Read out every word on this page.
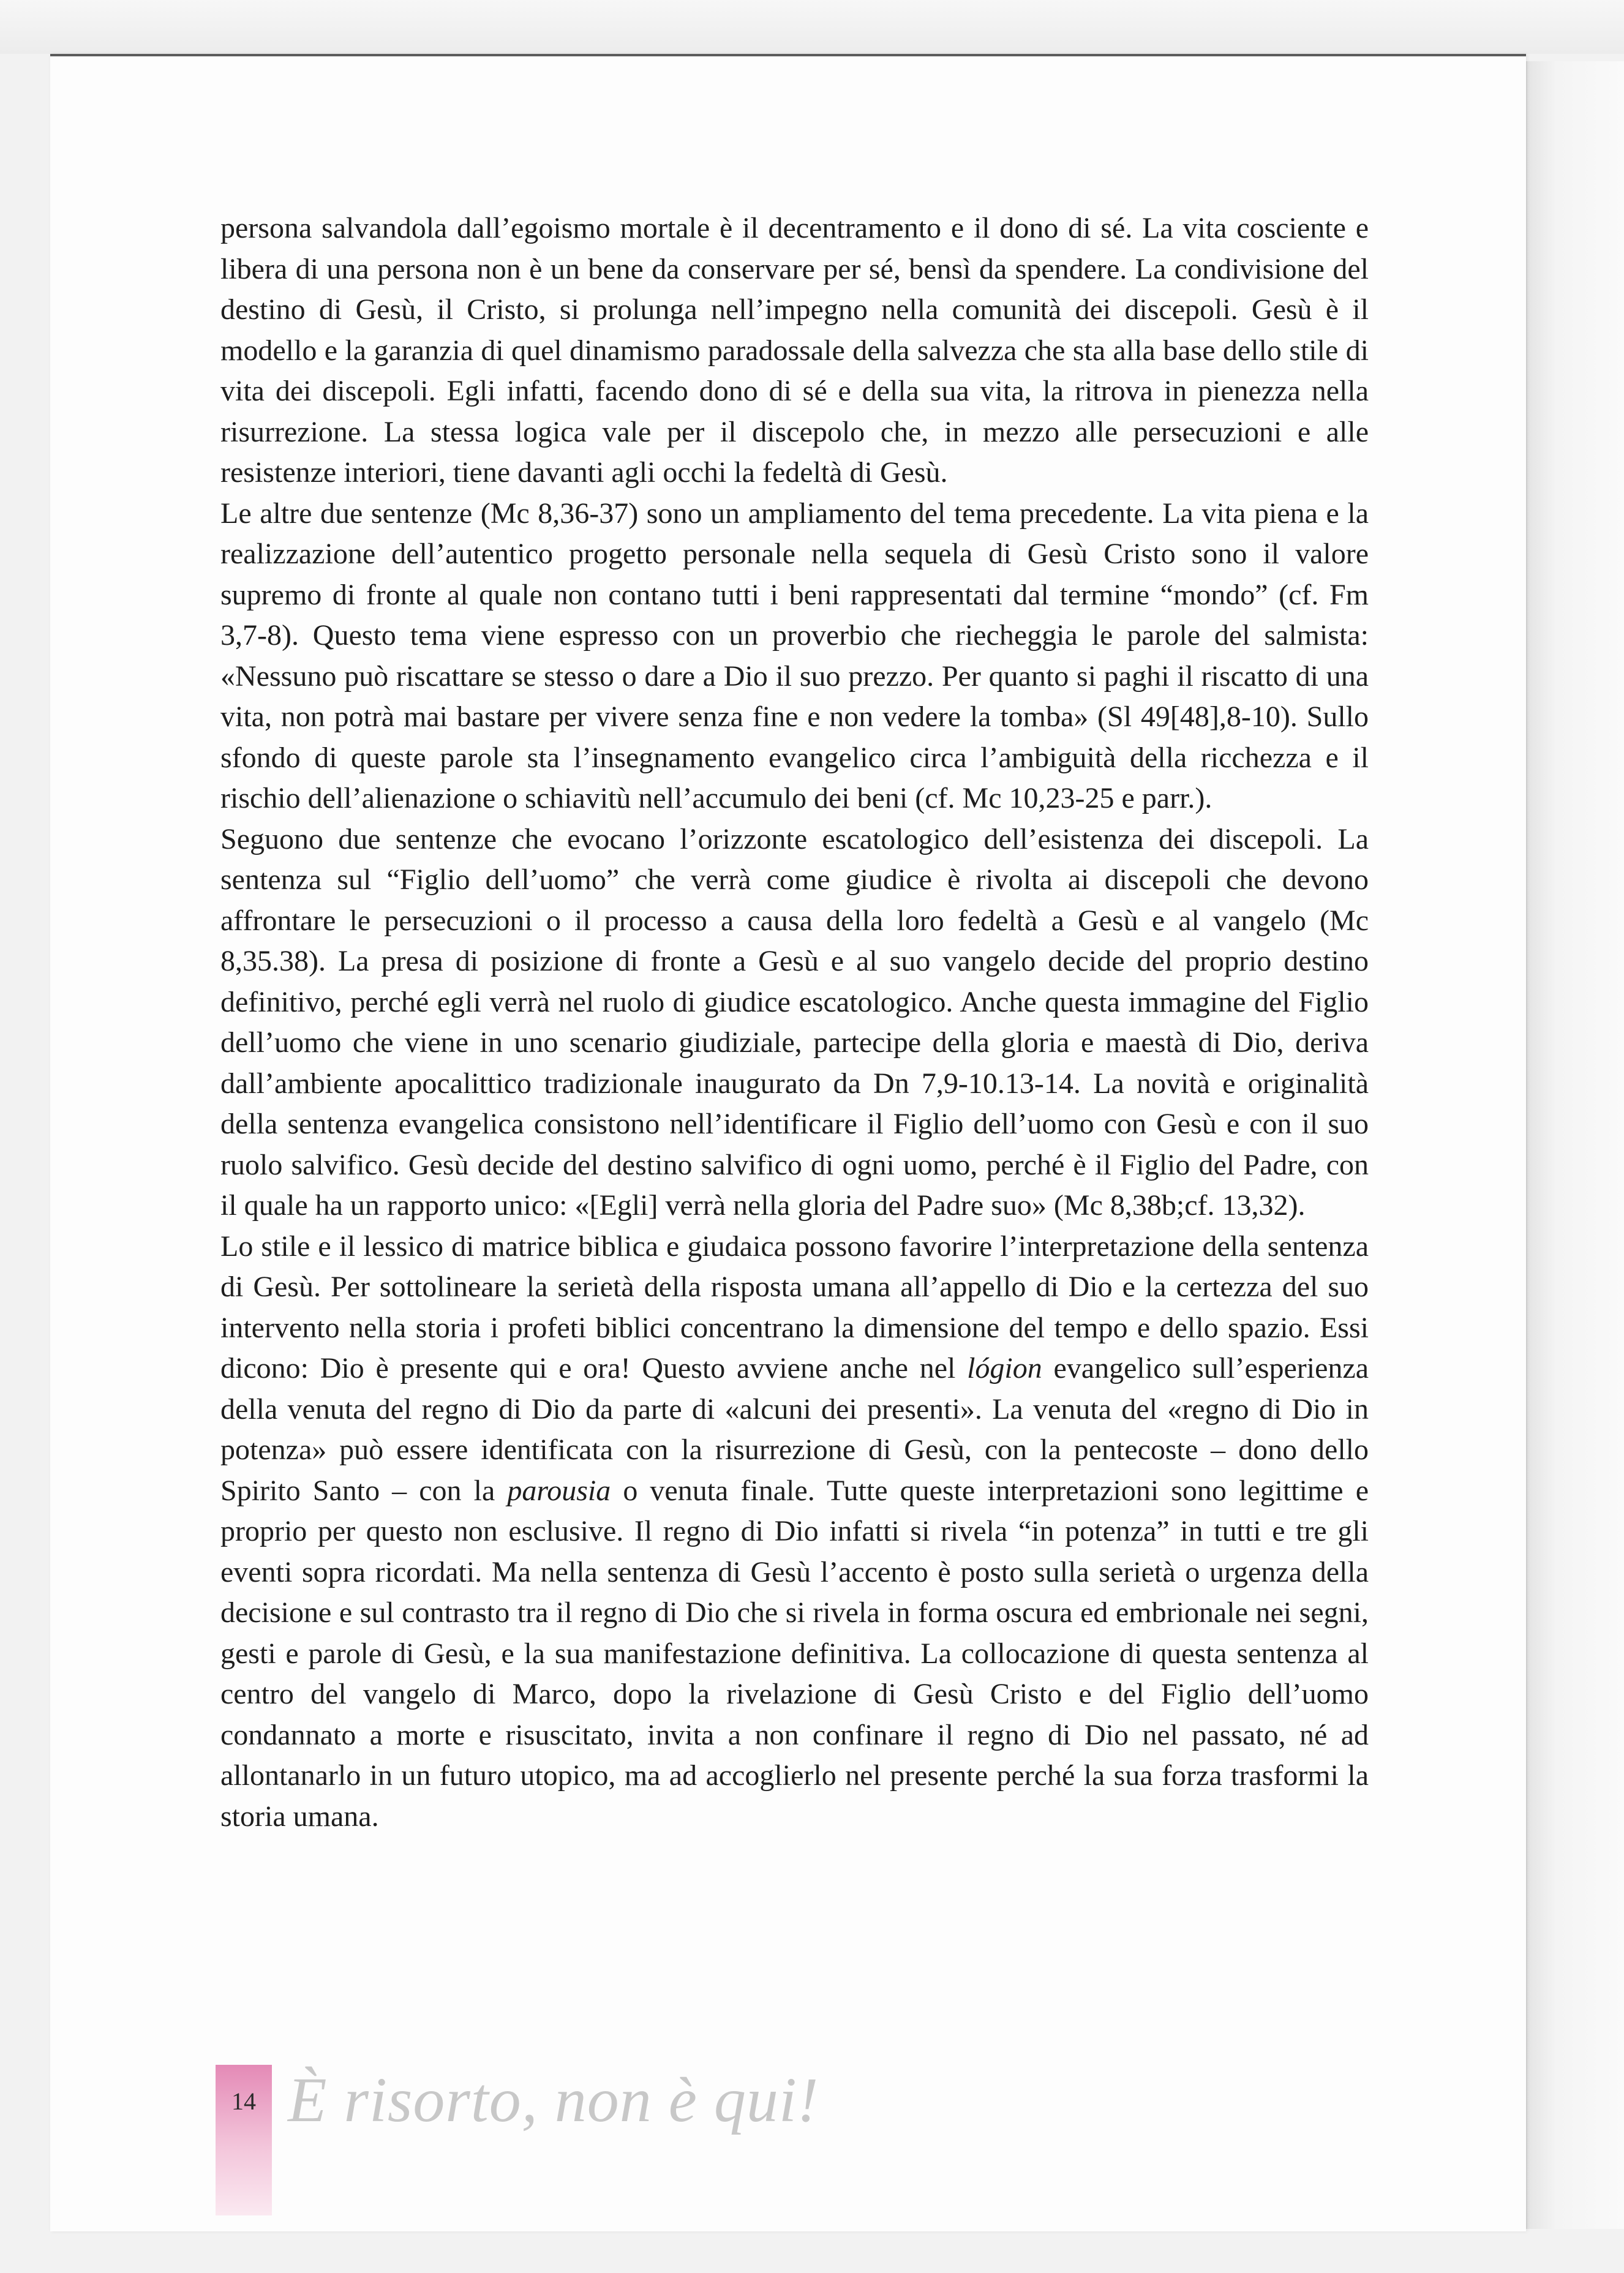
persona salvandola dall’egoismo mortale è il decentramento e il dono di sé. La vita cosciente e libera di una persona non è un bene da conservare per sé, bensì da spendere. La condivisione del destino di Gesù, il Cristo, si prolunga nell’impegno nella comunità dei discepoli. Gesù è il modello e la garanzia di quel dinamismo paradossale della salvezza che sta alla base dello stile di vita dei discepoli. Egli infatti, facendo dono di sé e della sua vita, la ritrova in pienezza nella risurrezione. La stessa logica vale per il discepolo che, in mezzo alle persecuzioni e alle resistenze interiori, tiene davanti agli occhi la fedeltà di Gesù.

Le altre due sentenze (Mc 8,36-37) sono un ampliamento del tema precedente. La vita piena e la realizzazione dell’autentico progetto personale nella sequela di Gesù Cristo sono il valore supremo di fronte al quale non contano tutti i beni rappresentati dal termine “mondo” (cf. Fm 3,7-8). Questo tema viene espresso con un proverbio che riecheggia le parole del salmista: «Nessuno può riscattare se stesso o dare a Dio il suo prezzo. Per quanto si paghi il riscatto di una vita, non potrà mai bastare per vivere senza fine e non vedere la tomba» (Sl 49[48],8-10). Sullo sfondo di queste parole sta l’insegnamento evangelico circa l’ambiguità della ricchezza e il rischio dell’alienazione o schiavitù nell’accumulo dei beni (cf. Mc 10,23-25 e parr.).

Seguono due sentenze che evocano l’orizzonte escatologico dell’esistenza dei discepoli. La sentenza sul “Figlio dell’uomo” che verrà come giudice è rivolta ai discepoli che devono affrontare le persecuzioni o il processo a causa della loro fedeltà a Gesù e al vangelo (Mc 8,35.38). La presa di posizione di fronte a Gesù e al suo vangelo decide del proprio destino definitivo, perché egli verrà nel ruolo di giudice escatologico. Anche questa immagine del Figlio dell’uomo che viene in uno scenario giudiziale, partecipe della gloria e maestà di Dio, deriva dall’ambiente apocalittico tradizionale inaugurato da Dn 7,9-10.13-14. La novità e originalità della sentenza evangelica consistono nell’identificare il Figlio dell’uomo con Gesù e con il suo ruolo salvifico. Gesù decide del destino salvifico di ogni uomo, perché è il Figlio del Padre, con il quale ha un rapporto unico: «[Egli] verrà nella gloria del Padre suo» (Mc 8,38b;cf. 13,32).

Lo stile e il lessico di matrice biblica e giudaica possono favorire l’interpretazione della sentenza di Gesù. Per sottolineare la serietà della risposta umana all’appello di Dio e la certezza del suo intervento nella storia i profeti biblici concentrano la dimensione del tempo e dello spazio. Essi dicono: Dio è presente qui e ora! Questo avviene anche nel lógion evangelico sull’esperienza della venuta del regno di Dio da parte di «alcuni dei presenti». La venuta del «regno di Dio in potenza» può essere identificata con la risurrezione di Gesù, con la pentecoste – dono dello Spirito Santo – con la parousia o venuta finale. Tutte queste interpretazioni sono legittime e proprio per questo non esclusive. Il regno di Dio infatti si rivela “in potenza” in tutti e tre gli eventi sopra ricordati. Ma nella sentenza di Gesù l’accento è posto sulla serietà o urgenza della decisione e sul contrasto tra il regno di Dio che si rivela in forma oscura ed embrionale nei segni, gesti e parole di Gesù, e la sua manifestazione definitiva. La collocazione di questa sentenza al centro del vangelo di Marco, dopo la rivelazione di Gesù Cristo e del Figlio dell’uomo condannato a morte e risuscitato, invita a non confinare il regno di Dio nel passato, né ad allontanarlo in un futuro utopico, ma ad accoglierlo nel presente perché la sua forza trasformi la storia umana.

14 È risorto, non è qui!
